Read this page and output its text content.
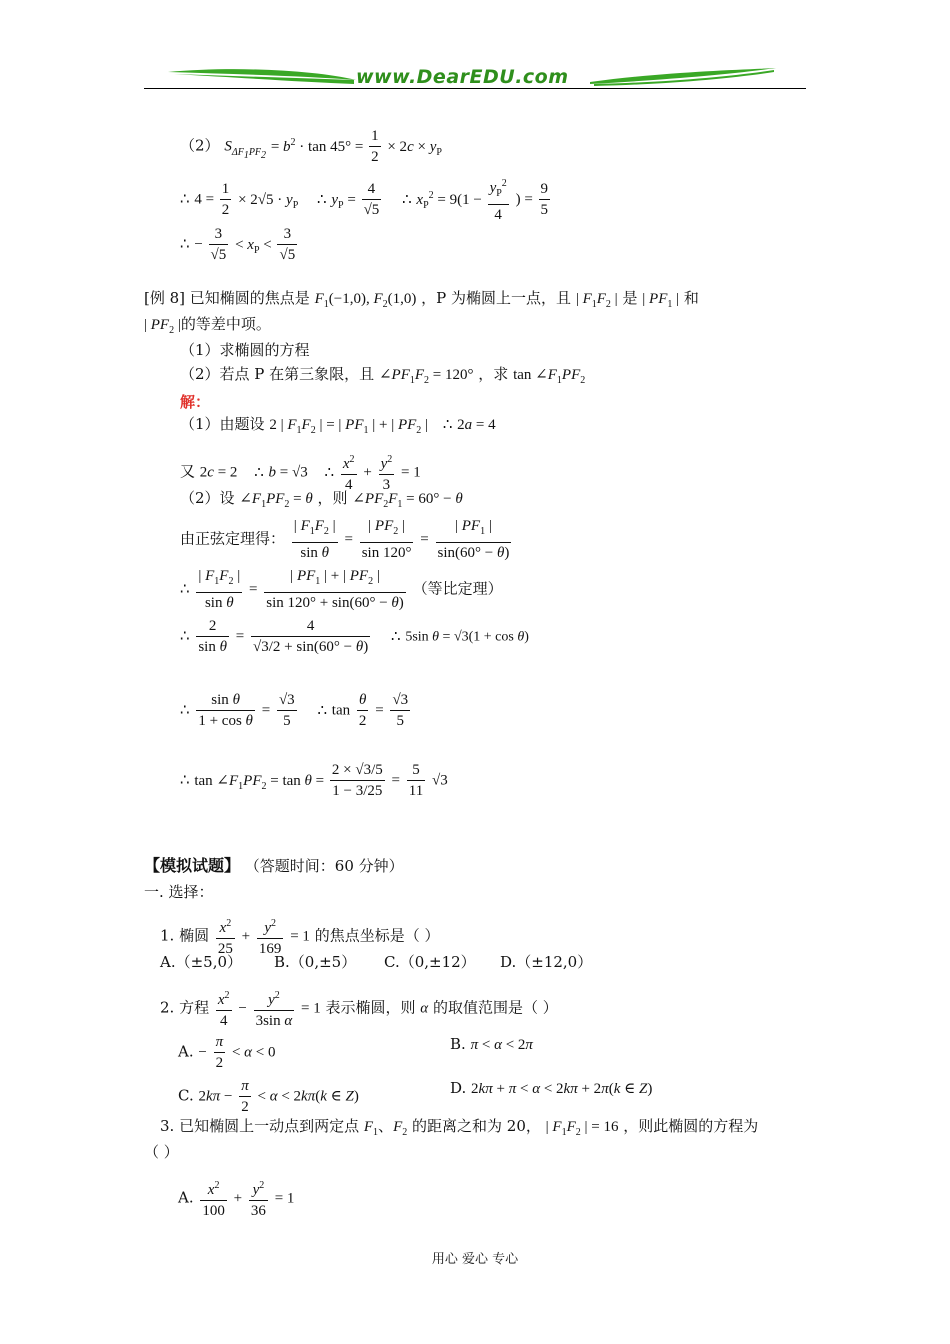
www.DearEDU.com
（2） $S_{\Delta F_1PF_2} = b^2 \cdot \tan 45^\circ = \frac{1}{2} \times 2c \times y_P$
∴ $4 = \frac{1}{2} \times 2√5 \cdot y_P$ ∴ $y_P = \frac{4}{√5}$ ∴ $x_P^2 = 9(1 - \frac{y_P^2}{4}$ ) = $\frac{9}{5}$
∴ − $\frac{3}{√5} < x_P < \frac{3}{√5}$
[例 8] 已知椭圆的焦点是 $F_1(-1,0)$, $F_2(1,0)$ ，P 为椭圆上一点，且 | $F_1F_2$ | 是 | $PF_1$ | 和
| $PF_2$ |的等差中项。
（1）求椭圆的方程
（2）若点 P 在第三象限，且 $\angle PF_1F_2 = 120^\circ$ ，求 $\tan \angle F_1PF_2$
解：
（1）由题设 2 | $F_1F_2$ | = | $PF_1$ | + | $PF_2$ | ∴ 2a = 4
又 2c = 2 ∴ b = √3 ∴ $\frac{x^2}{4} + \frac{y^2}{3} = 1$
（2）设 $\angle F_1PF_2 = \theta$ ，则 $\angle PF_2F_1 = 60^\circ - \theta$
由正弦定理得： $\frac{| F_1F_2 |}{\text{sin θ}} = \frac{| PF_2 |}{\sin 120^\circ} = \frac{| PF_1 |}{\sin(60^\circ - \theta)}$
∴ $\frac{| F_1F_2 |}{\text{sin θ}} = \frac{| PF_1 | + | PF_2 |}{\sin 120^\circ + \sin(60^\circ - \theta)}$ （等比定理）
∴ $\frac{2}{\text{sin θ}} = \frac{4}{√3/2 + \sin(60^\circ - \theta)}$ ∴ 5sin θ = √3(1 + cos θ)
∴ $\frac{\text{sin θ}}{\text{1 + cos θ}} = \frac{√3}{5}$ ∴ $\tan \frac{\theta}{2} = \frac{√3}{5}$
∴ $\tan \angle F_1PF_2 = \tan \theta = \frac{2 \times √3/5}{1 - 3/25} = \frac{5}{11} √3$
【模拟试题】 （答题时间：60 分钟）
一. 选择：
1. 椭圆 $\frac{x^2}{25} + \frac{y^2}{169} = 1$ 的焦点坐标是（ ）
A.（±5,0） B.（0,±5） C.（0,±12） D.（±12,0）
2. 方程 $\frac{x^2}{4} - \frac{y^2}{\text{3sin α}} = 1$ 表示椭圆，则 α 的取值范围是（ ）
A. − $\frac{\pi}{2} < \alpha < 0$	B. π < α < 2π
C. $2k\pi - \frac{\pi}{2} < \alpha < 2k\pi(k$ ∈ Z)	D. 2kπ + π < α < 2kπ + 2π(k ∈ Z)
3. 已知椭圆上一动点到两定点 $F_1$、$F_2$ 的距离之和为 20， | $F_1F_2$ | = 16 ，则此椭圆的方程为
（ ）
A. $\frac{x^2}{100} + \frac{y^2}{36} = 1$
用心 爱心 专心
